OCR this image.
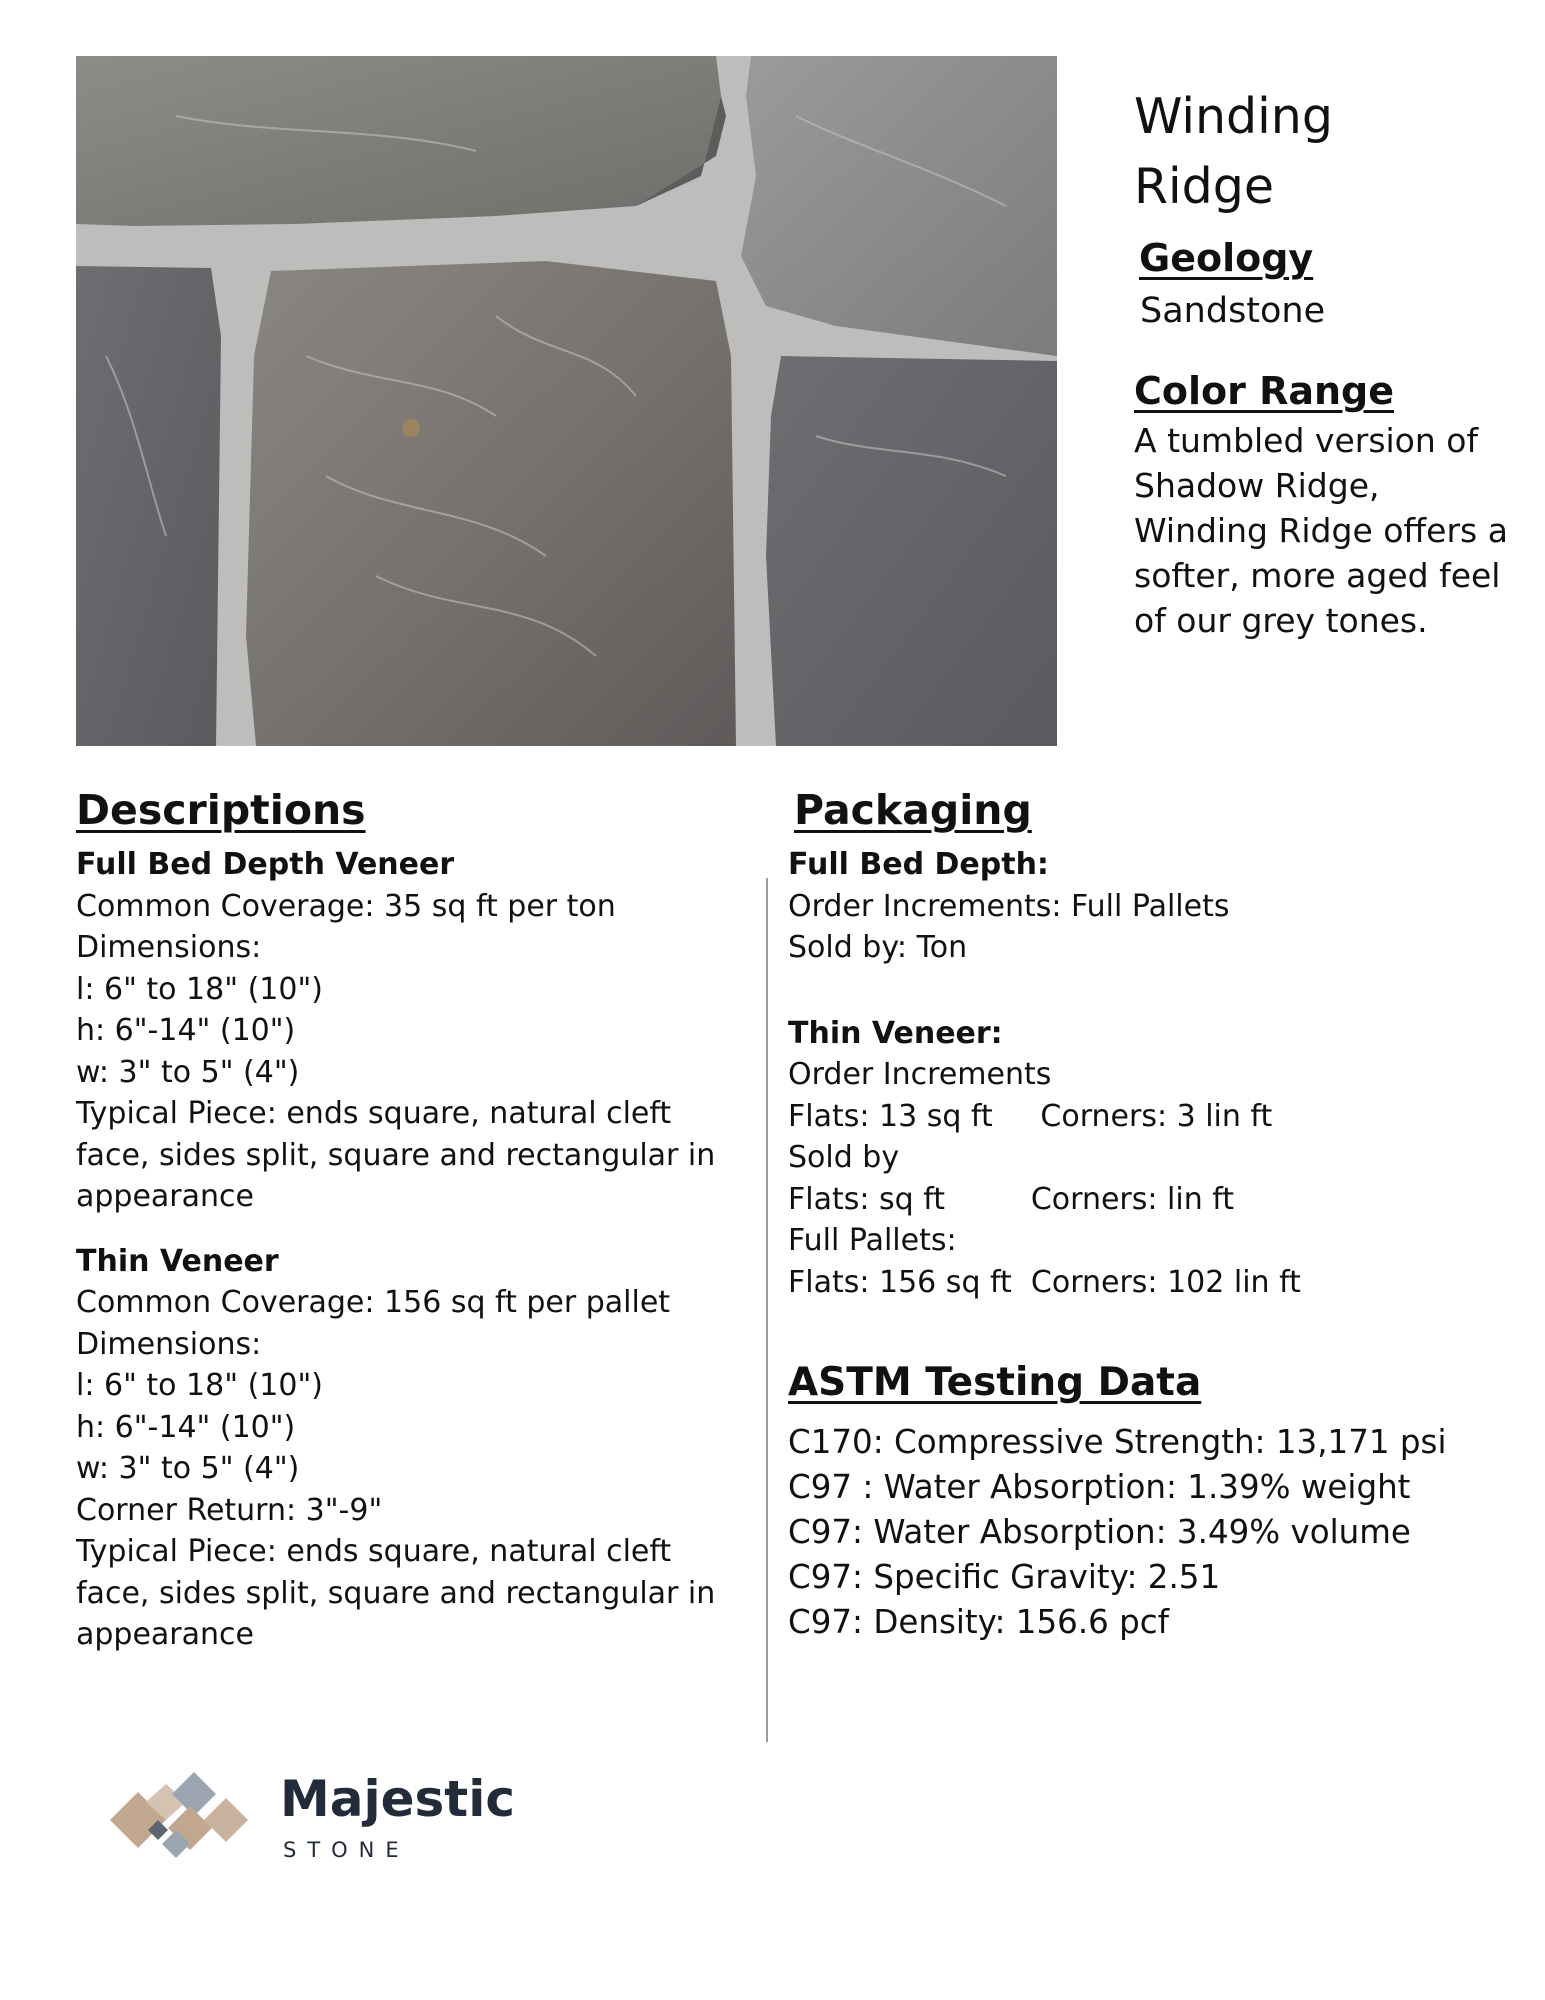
Winding
Ridge
Geology
Sandstone
Color Range
A tumbled version of
Shadow Ridge,
Winding Ridge offers a
softer, more aged feel
of our grey tones.
Descriptions	Packaging
Full Bed Depth Veneer
Common Coverage: 35 sq ft per ton
Dimensions:
l: 6" to 18" (10")
h: 6"-14" (10")
w: 3" to 5" (4")
Typical Piece: ends square, natural cleft
face, sides split, square and rectangular in
appearance
Thin Veneer
Common Coverage: 156 sq ft per pallet
Dimensions:
l: 6" to 18" (10")
h: 6"-14" (10")
w: 3" to 5" (4")
Corner Return: 3"-9"
Typical Piece: ends square, natural cleft
face, sides split, square and rectangular in
appearance
Full Bed Depth:
Order Increments: Full Pallets
Sold by: Ton
Thin Veneer:
Order Increments
Flats: 13 sq ft     Corners: 3 lin ft
Sold by
Flats: sq ft         Corners: lin ft
Full Pallets:
Flats: 156 sq ft  Corners: 102 lin ft
ASTM Testing Data
C170: Compressive Strength: 13,171 psi
C97 : Water Absorption: 1.39% weight
C97: Water Absorption: 3.49% volume
C97: Specific Gravity: 2.51
C97: Density: 156.6 pcf
Majestic
STONE
